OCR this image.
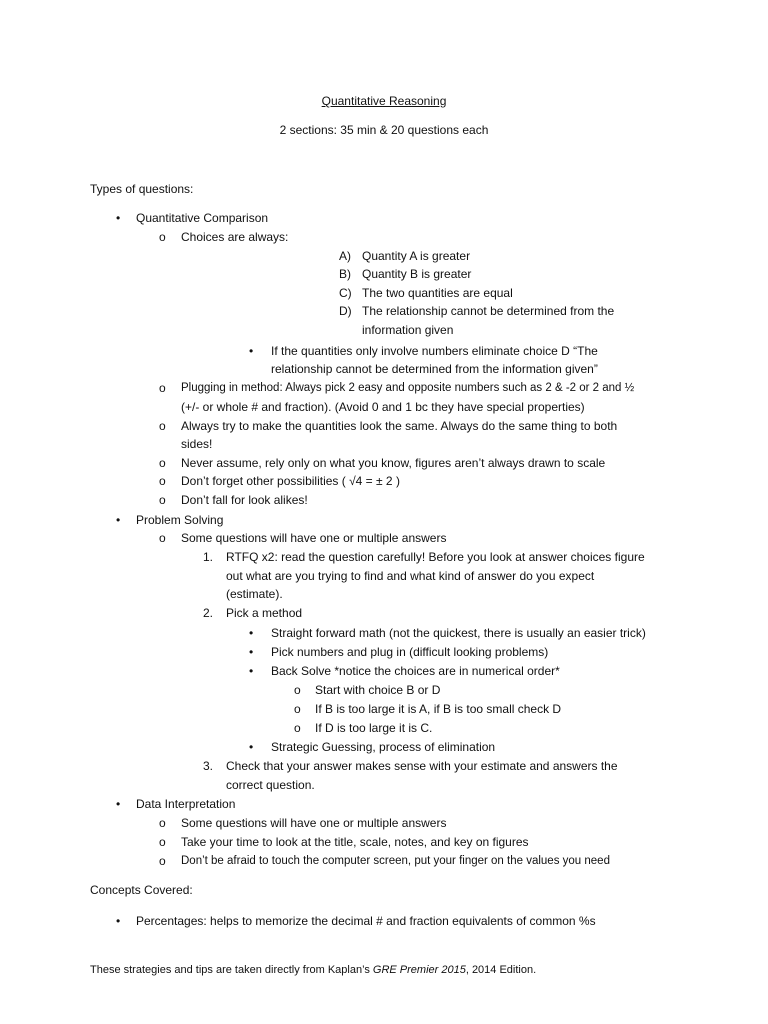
Quantitative Reasoning
2 sections: 35 min & 20 questions each
Types of questions:
• Quantitative Comparison
o Choices are always:
A) Quantity A is greater
B) Quantity B is greater
C) The two quantities are equal
D) The relationship cannot be determined from the
information given
• If the quantities only involve numbers eliminate choice D “The
relationship cannot be determined from the information given”
o Plugging in method: Always pick 2 easy and opposite numbers such as 2 & -2 or 2 and ½
(+/- or whole # and fraction). (Avoid 0 and 1 bc they have special properties)
o Always try to make the quantities look the same. Always do the same thing to both
sides!
o Never assume, rely only on what you know, figures aren’t always drawn to scale
o Don’t forget other possibilities ( √4 = ± 2 )
o Don’t fall for look alikes!
• Problem Solving
o Some questions will have one or multiple answers
1. RTFQ x2: read the question carefully! Before you look at answer choices figure
out what are you trying to find and what kind of answer do you expect
(estimate).
2. Pick a method
• Straight forward math (not the quickest, there is usually an easier trick)
• Pick numbers and plug in (difficult looking problems)
• Back Solve *notice the choices are in numerical order*
o Start with choice B or D
o If B is too large it is A, if B is too small check D
o If D is too large it is C.
• Strategic Guessing, process of elimination
3. Check that your answer makes sense with your estimate and answers the
correct question.
• Data Interpretation
o Some questions will have one or multiple answers
o Take your time to look at the title, scale, notes, and key on figures
o Don’t be afraid to touch the computer screen, put your finger on the values you need
Concepts Covered:
• Percentages: helps to memorize the decimal # and fraction equivalents of common %s
These strategies and tips are taken directly from Kaplan’s GRE Premier 2015, 2014 Edition.
